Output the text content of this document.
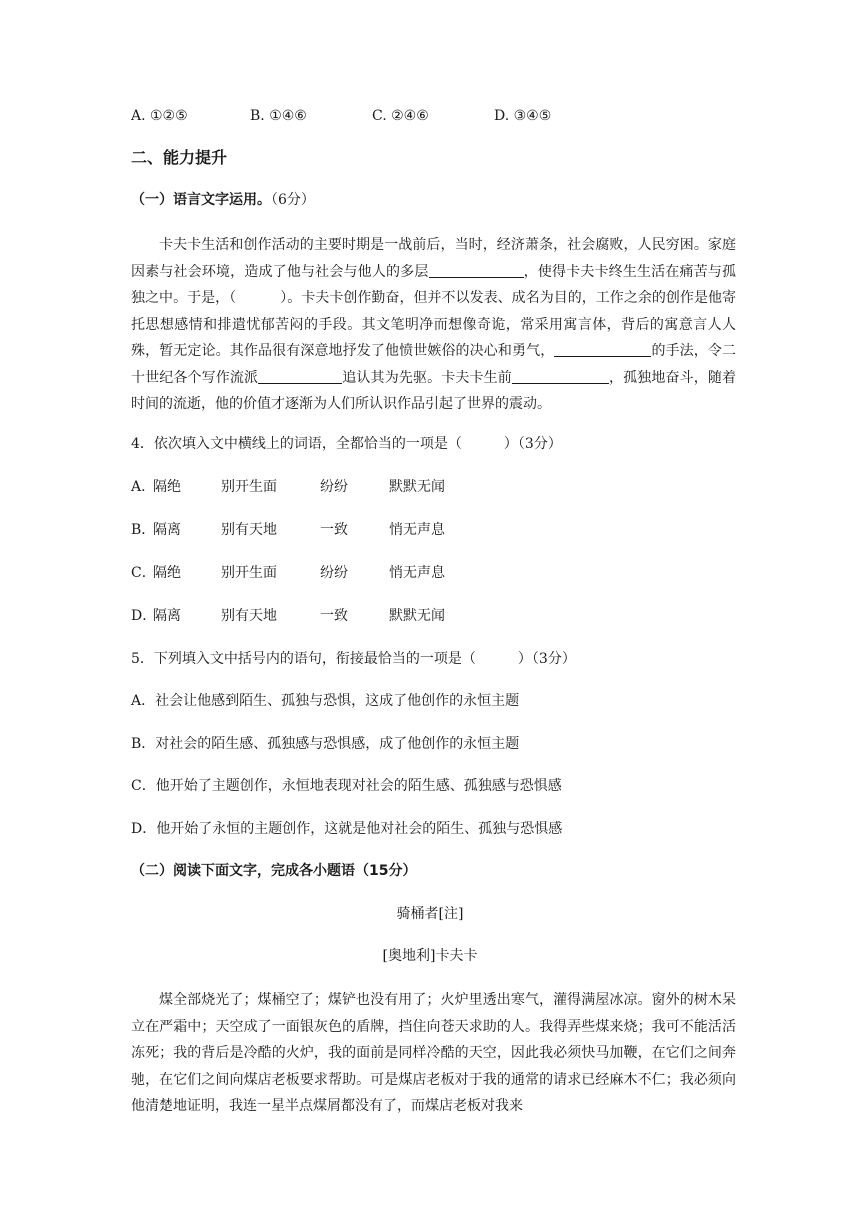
A. ①②⑤	B. ①④⑥	C. ②④⑥	D. ③④⑤
二、能力提升
（一）语言文字运用。（6分）

卡夫卡生活和创作活动的主要时期是一战前后，当时，经济萧条，社会腐败，人民穷困。家庭因素与社会环境，造成了他与社会与他人的多层	，使得卡夫卡终生生活在痛苦与孤独之中。于是，（	）。卡夫卡创作勤奋，但并不以发表、成名为目的，工作之余的创作是他寄托思想感情和排遣忧郁苦闷的手段。其文笔明净而想像奇诡，常采用寓言体，背后的寓意言人人殊，暂无定论。其作品很有深意地抒发了他愤世嫉俗的决心和勇气，	的手法，令二十世纪各个写作流派	追认其为先驱。卡夫卡生前	，孤独地奋斗，随着时间的流逝，他的价值才逐渐为人们所认识作品引起了世界的震动。

4．依次填入文中横线上的词语，全都恰当的一项是（　　　）（3分）
A．
隔绝	别开生面	纷纷	默默无闻
B．
隔离	别有天地	一致	悄无声息
C．
隔绝	别开生面	纷纷	悄无声息
D．
隔离	别有天地	一致	默默无闻
5．下列填入文中括号内的语句，衔接最恰当的一项是（　　　）（3分）
A．社会让他感到陌生、孤独与恐惧，这成了他创作的永恒主题
B．对社会的陌生感、孤独感与恐惧感，成了他创作的永恒主题
C．他开始了主题创作，永恒地表现对社会的陌生感、孤独感与恐惧感
D．他开始了永恒的主题创作，这就是他对社会的陌生、孤独与恐惧感
（二）阅读下面文字，完成各小题语（15分）
骑桶者[注]
[奥地利]卡夫卡

煤全部烧光了；煤桶空了；煤铲也没有用了；火炉里透出寒气，灌得满屋冰凉。窗外的树木呆立在严霜中；天空成了一面银灰色的盾牌，挡住向苍天求助的人。我得弄些煤来烧；我可不能活活冻死；我的背后是冷酷的火炉，我的面前是同样冷酷的天空，因此我必须快马加鞭，在它们之间奔驰，在它们之间向煤店老板要求帮助。可是煤店老板对于我的通常的请求已经麻木不仁；我必须向他清楚地证明，我连一星半点煤屑都没有了，而煤店老板对我来
